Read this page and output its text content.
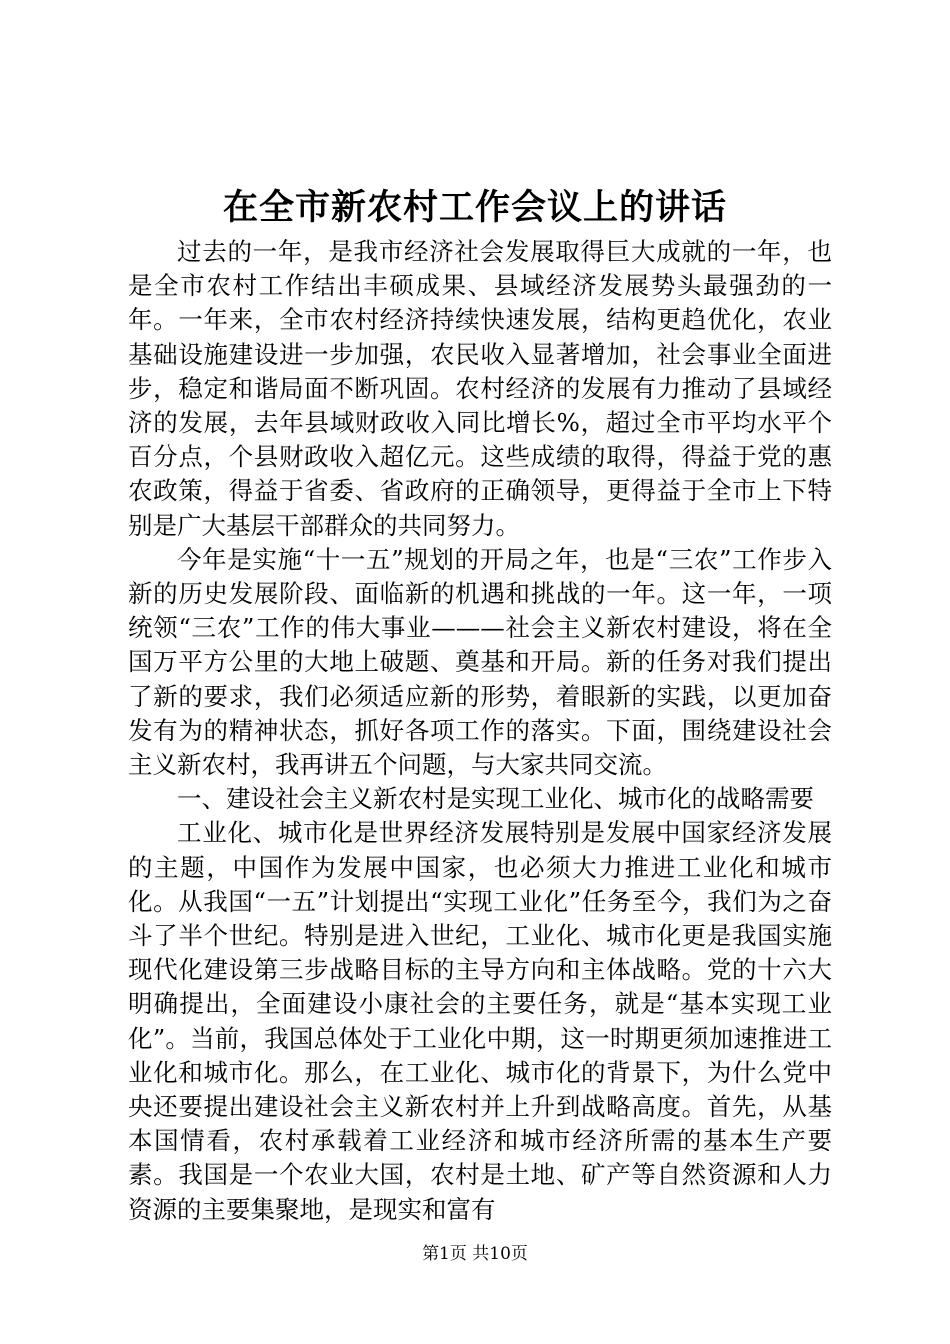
在全市新农村工作会议上的讲话

过去的一年，是我市经济社会发展取得巨大成就的一年，也是全市农村工作结出丰硕成果、县域经济发展势头最强劲的一年。一年来，全市农村经济持续快速发展，结构更趋优化，农业基础设施建设进一步加强，农民收入显著增加，社会事业全面进步，稳定和谐局面不断巩固。农村经济的发展有力推动了县域经济的发展，去年县域财政收入同比增长%，超过全市平均水平个百分点，个县财政收入超亿元。这些成绩的取得，得益于党的惠农政策，得益于省委、省政府的正确领导，更得益于全市上下特别是广大基层干部群众的共同努力。

今年是实施“十一五”规划的开局之年，也是“三农”工作步入新的历史发展阶段、面临新的机遇和挑战的一年。这一年，一项统领“三农”工作的伟大事业———社会主义新农村建设，将在全国万平方公里的大地上破题、奠基和开局。新的任务对我们提出了新的要求，我们必须适应新的形势，着眼新的实践，以更加奋发有为的精神状态，抓好各项工作的落实。下面，围绕建设社会主义新农村，我再讲五个问题，与大家共同交流。

一、建设社会主义新农村是实现工业化、城市化的战略需要

工业化、城市化是世界经济发展特别是发展中国家经济发展的主题，中国作为发展中国家，也必须大力推进工业化和城市化。从我国“一五”计划提出“实现工业化”任务至今，我们为之奋斗了半个世纪。特别是进入世纪，工业化、城市化更是我国实施现代化建设第三步战略目标的主导方向和主体战略。党的十六大明确提出，全面建设小康社会的主要任务，就是“基本实现工业化”。当前，我国总体处于工业化中期，这一时期更须加速推进工业化和城市化。那么，在工业化、城市化的背景下，为什么党中央还要提出建设社会主义新农村并上升到战略高度。首先，从基本国情看，农村承载着工业经济和城市经济所需的基本生产要素。我国是一个农业大国，农村是土地、矿产等自然资源和人力资源的主要集聚地，是现实和富有

第1页 共10页
